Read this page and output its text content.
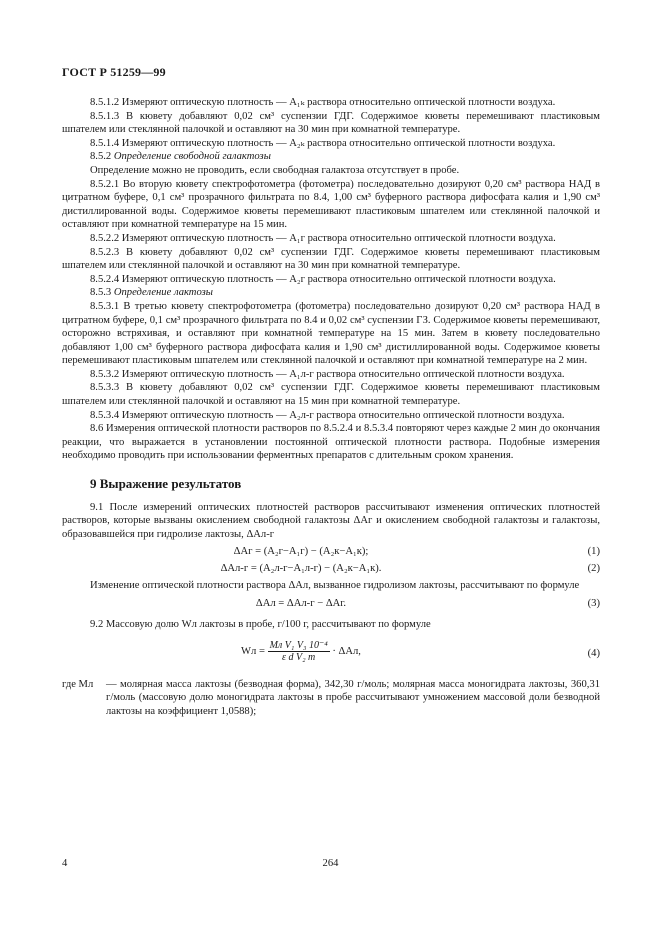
ГОСТ Р 51259—99

8.5.1.2 Измеряют оптическую плотность — A₁ₖ раствора относительно оптической плотности воздуха.

8.5.1.3 В кювету добавляют 0,02 см³ суспензии ГДГ. Содержимое кюветы перемешивают пластиковым шпателем или стеклянной палочкой и оставляют на 30 мин при комнатной температуре.

8.5.1.4 Измеряют оптическую плотность — A₂ₖ раствора относительно оптической плотности воздуха.

8.5.2 Определение свободной галактозы

Определение можно не проводить, если свободная галактоза отсутствует в пробе.

8.5.2.1 Во вторую кювету спектрофотометра (фотометра) последовательно дозируют 0,20 см³ раствора НАД в цитратном буфере, 0,1 см³ прозрачного фильтрата по 8.4, 1,00 см³ буферного раствора дифосфата калия и 1,90 см³ дистиллированной воды. Содержимое кюветы перемешивают пластиковым шпателем или стеклянной палочкой и оставляют при комнатной температуре на 15 мин.

8.5.2.2 Измеряют оптическую плотность — A₁г раствора относительно оптической плотности воздуха.

8.5.2.3 В кювету добавляют 0,02 см³ суспензии ГДГ. Содержимое кюветы перемешивают пластиковым шпателем или стеклянной палочкой и оставляют на 30 мин при комнатной температуре.

8.5.2.4 Измеряют оптическую плотность — A₂г раствора относительно оптической плотности воздуха.

8.5.3 Определение лактозы

8.5.3.1 В третью кювету спектрофотометра (фотометра) последовательно дозируют 0,20 см³ раствора НАД в цитратном буфере, 0,1 см³ прозрачного фильтрата по 8.4 и 0,02 см³ суспензии ГЗ. Содержимое кюветы перемешивают, осторожно встряхивая, и оставляют при комнатной температуре на 15 мин. Затем в кювету последовательно добавляют 1,00 см³ буферного раствора дифосфата калия и 1,90 см³ дистиллированной воды. Содержимое кюветы перемешивают пластиковым шпателем или стеклянной палочкой и оставляют при комнатной температуре на 2 мин.

8.5.3.2 Измеряют оптическую плотность — A₁л-г раствора относительно оптической плотности воздуха.

8.5.3.3 В кювету добавляют 0,02 см³ суспензии ГДГ. Содержимое кюветы перемешивают пластиковым шпателем или стеклянной палочкой и оставляют на 15 мин при комнатной температуре.

8.5.3.4 Измеряют оптическую плотность — A₂л-г раствора относительно оптической плотности воздуха.

8.6 Измерения оптической плотности растворов по 8.5.2.4 и 8.5.3.4 повторяют через каждые 2 мин до окончания реакции, что выражается в установлении постоянной оптической плотности раствора. Подобные измерения необходимо проводить при использовании ферментных препаратов с длительным сроком хранения.

9 Выражение результатов

9.1 После измерений оптических плотностей растворов рассчитывают изменения оптических плотностей растворов, которые вызваны окислением свободной галактозы ΔAг и окислением свободной галактозы и галактозы, образовавшейся при гидролизе лактозы, ΔAл-г

ΔAг = (A₂г−A₁г) − (A₂к−A₁к);	(1)
ΔAл-г = (A₂л-г−A₁л-г) − (A₂к−A₁к).	(2)

Изменение оптической плотности раствора ΔAл, вызванное гидролизом лактозы, рассчитывают по формуле

ΔAл = ΔAл-г − ΔAг.	(3)

9.2 Массовую долю Wл лактозы в пробе, г/100 г, рассчитывают по формуле

Wл = $\frac{\text{Mл V₁ V₃ 10⁻⁴}}{\text{ε d V₂ m}} \cdot \Delta Aл$,	(4)
где Mл	— молярная масса лактозы (безводная форма), 342,30 г/моль; молярная масса моногидрата лактозы, 360,31 г/моль (массовую долю моногидрата лактозы в пробе рассчитывают умножением массовой доли безводной лактозы на коэффициент 1,0588);
4	264
